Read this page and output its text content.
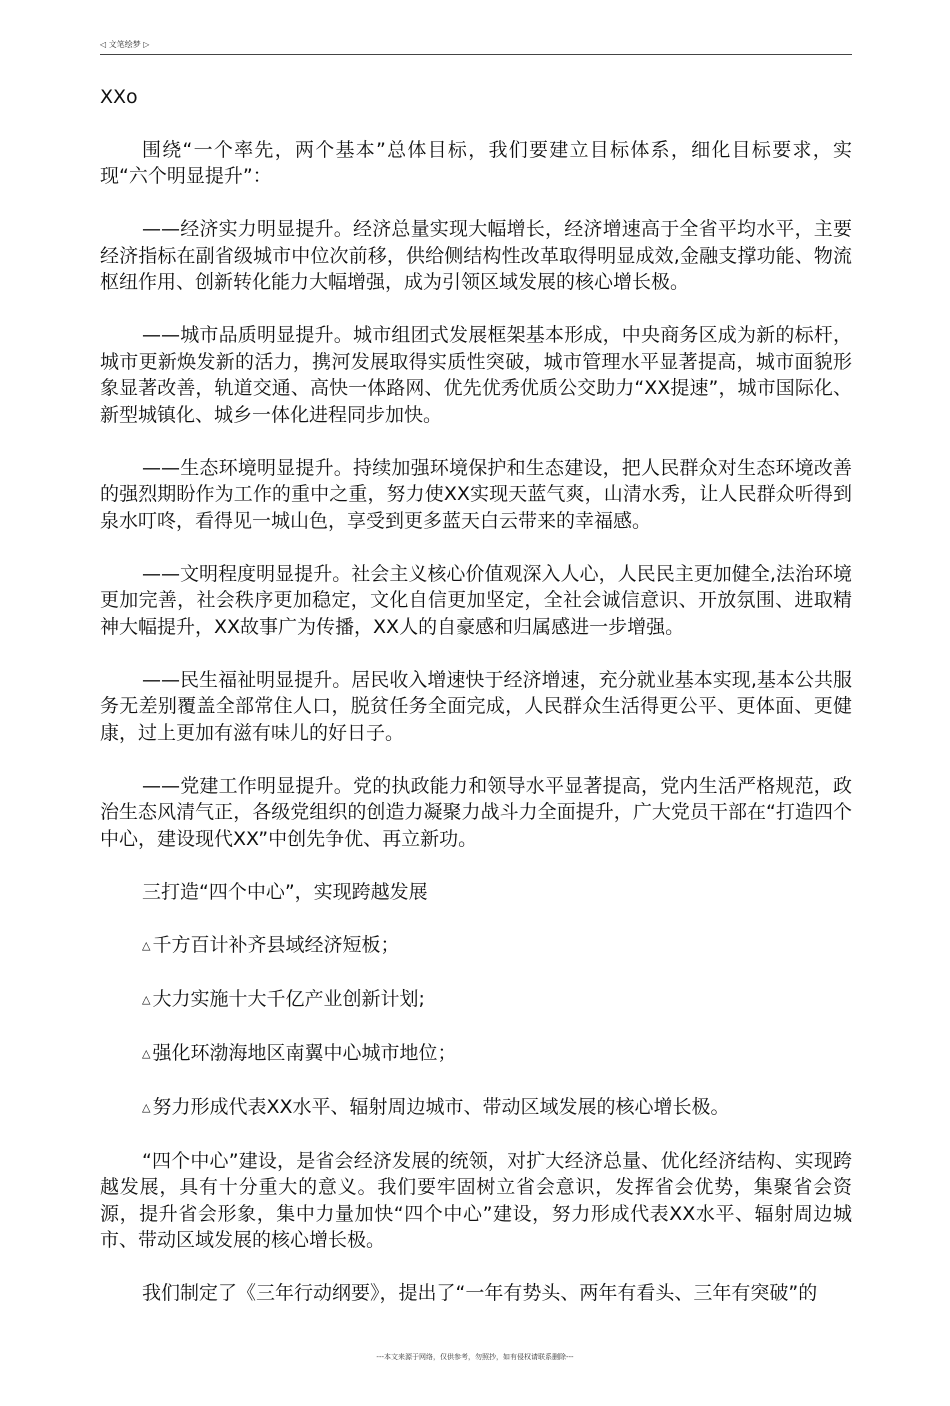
◁ 文笔绘梦 ▷

XXo

围绕“一个率先，两个基本”总体目标，我们要建立目标体系，细化目标要求，实现“六个明显提升”：

——经济实力明显提升。经济总量实现大幅增长，经济增速高于全省平均水平，主要经济指标在副省级城市中位次前移，供给侧结构性改革取得明显成效,金融支撑功能、物流枢纽作用、创新转化能力大幅增强，成为引领区域发展的核心增长极。

——城市品质明显提升。城市组团式发展框架基本形成，中央商务区成为新的标杆，城市更新焕发新的活力，携河发展取得实质性突破，城市管理水平显著提高，城市面貌形象显著改善，轨道交通、高快一体路网、优先优秀优质公交助力“XX提速”，城市国际化、新型城镇化、城乡一体化进程同步加快。

——生态环境明显提升。持续加强环境保护和生态建设，把人民群众对生态环境改善的强烈期盼作为工作的重中之重，努力使XX实现天蓝气爽，山清水秀，让人民群众听得到泉水叮咚，看得见一城山色，享受到更多蓝天白云带来的幸福感。

——文明程度明显提升。社会主义核心价值观深入人心，人民民主更加健全,法治环境更加完善，社会秩序更加稳定，文化自信更加坚定，全社会诚信意识、开放氛围、进取精神大幅提升，XX故事广为传播，XX人的自豪感和归属感进一步增强。

——民生福祉明显提升。居民收入增速快于经济增速，充分就业基本实现,基本公共服务无差别覆盖全部常住人口，脱贫任务全面完成，人民群众生活得更公平、更体面、更健康，过上更加有滋有味儿的好日子。

——党建工作明显提升。党的执政能力和领导水平显著提高，党内生活严格规范，政治生态风清气正，各级党组织的创造力凝聚力战斗力全面提升，广大党员干部在“打造四个中心，建设现代XX”中创先争优、再立新功。

三打造“四个中心”，实现跨越发展

△ 千方百计补齐县域经济短板；

△ 大力实施十大千亿产业创新计划;

△ 强化环渤海地区南翼中心城市地位；

△ 努力形成代表XX水平、辐射周边城市、带动区域发展的核心增长极。

“四个中心”建设，是省会经济发展的统领，对扩大经济总量、优化经济结构、实现跨越发展，具有十分重大的意义。我们要牢固树立省会意识，发挥省会优势，集聚省会资源，提升省会形象，集中力量加快“四个中心”建设，努力形成代表XX水平、辐射周边城市、带动区域发展的核心增长极。

我们制定了《三年行动纲要》，提出了“一年有势头、两年有看头、三年有突破”的

---本文来源于网络，仅供参考，勿照抄，如有侵权请联系删除---
